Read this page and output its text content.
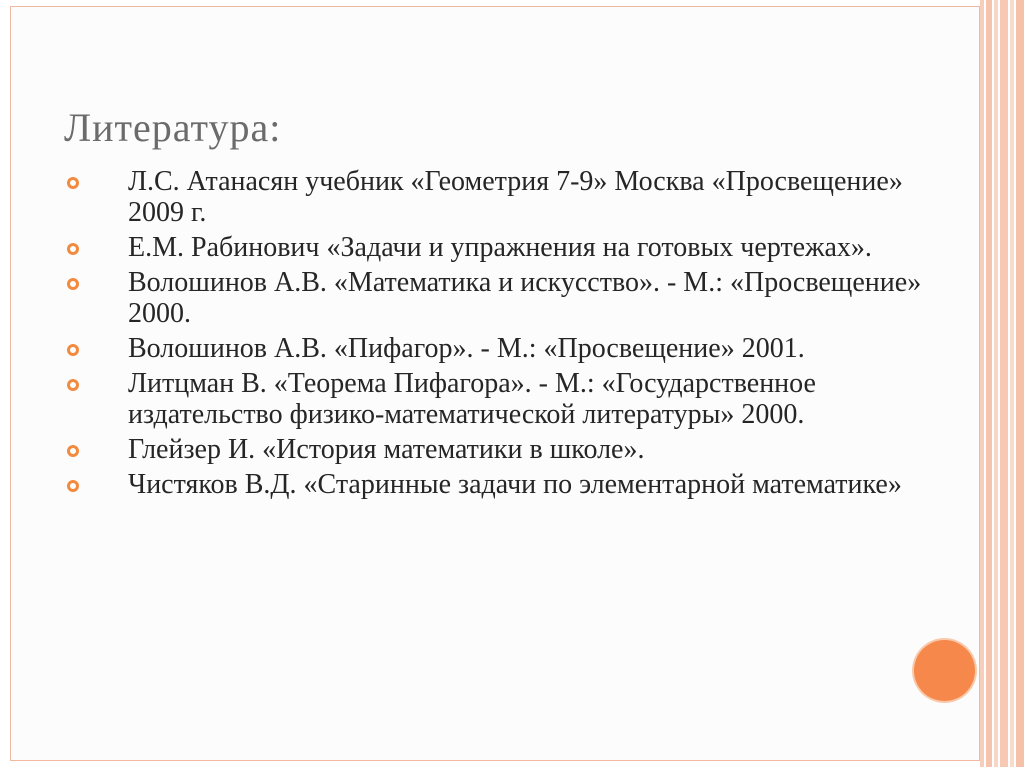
Литература:
Л.С. Атанасян учебник «Геометрия 7-9» Москва «Просвещение» 2009 г.
Е.М. Рабинович «Задачи и упражнения на готовых чертежах».
Волошинов А.В. «Математика и искусство». - М.: «Просвещение» 2000.
Волошинов А.В. «Пифагор». - М.: «Просвещение» 2001.
Литцман В. «Теорема Пифагора». - М.: «Государственное издательство физико-математической литературы» 2000.
Глейзер И. «История математики в школе».
Чистяков В.Д. «Старинные задачи по элементарной математике»
